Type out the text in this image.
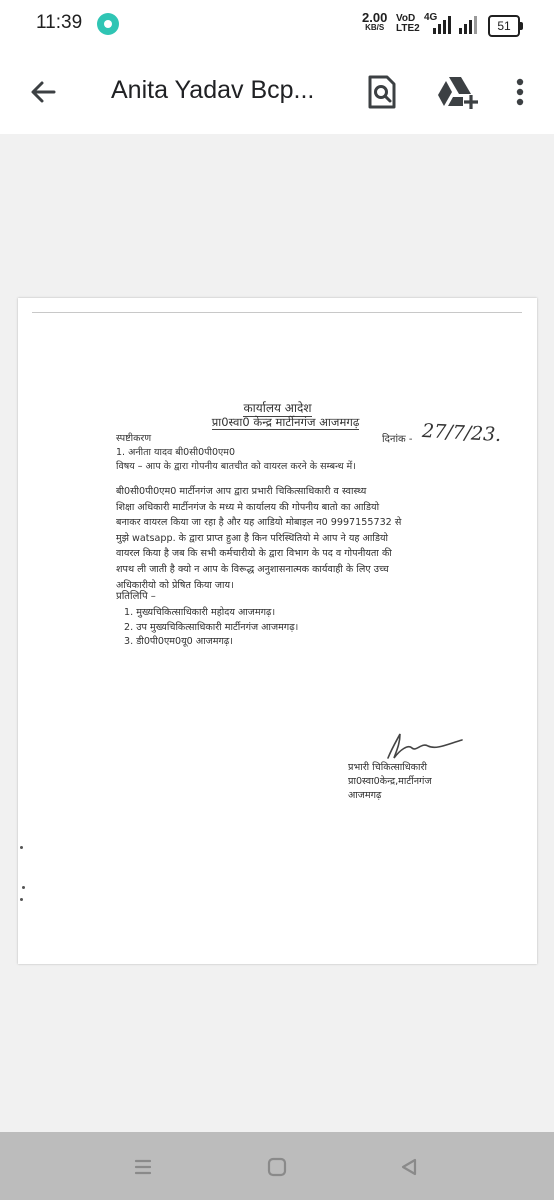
11:39	2.00
KB/S
VoD
LTE2
4G
51
Anita Yadav Bcp...
कार्यालय आदेश
प्रा0स्वा0 केन्द्र मार्टीनगंज आजमगढ़
स्पष्टीकरण	दिनांक - 27/7/23.
1. अनीता यादव बी0सी0पी0एम0
विषय – आप के द्वारा गोपनीय बातचीत को वायरल करने के सम्बन्ध में।
बी0सी0पी0एम0 मार्टीनगंज आप द्वारा प्रभारी चिकित्साधिकारी व स्वास्थ्य
शिक्षा अधिकारी मार्टीनगंज के मध्य मे कार्यालय की गोपनीय बातो का आडियो
बनाकर वायरल किया जा रहा है और यह आडियो मोबाइल न0 9997155732 से
मुझे watsapp. के द्वारा प्राप्त हुआ है किन परिस्थितियो मे आप ने यह आडियो
वायरल किया है जब कि सभी कर्मचारीयो के द्वारा विभाग के पद व गोपनीयता की
शपथ ली जाती है क्यो न आप के विरूद्ध अनुशासनात्मक कार्यवाही के लिए उच्च
अधिकारीयो को प्रेषित किया जाय।
प्रतिलिपि –
1. मुख्यचिकित्साधिकारी महोदय आजमगढ़।
2. उप मुख्यचिकित्साधिकारी मार्टीनगंज आजमगढ़।
3. डी0पी0एम0यू0 आजमगढ़।
प्रभारी चिकित्साधिकारी
प्रा0स्वा0केन्द्र,मार्टीनगंज
आजमगढ़
